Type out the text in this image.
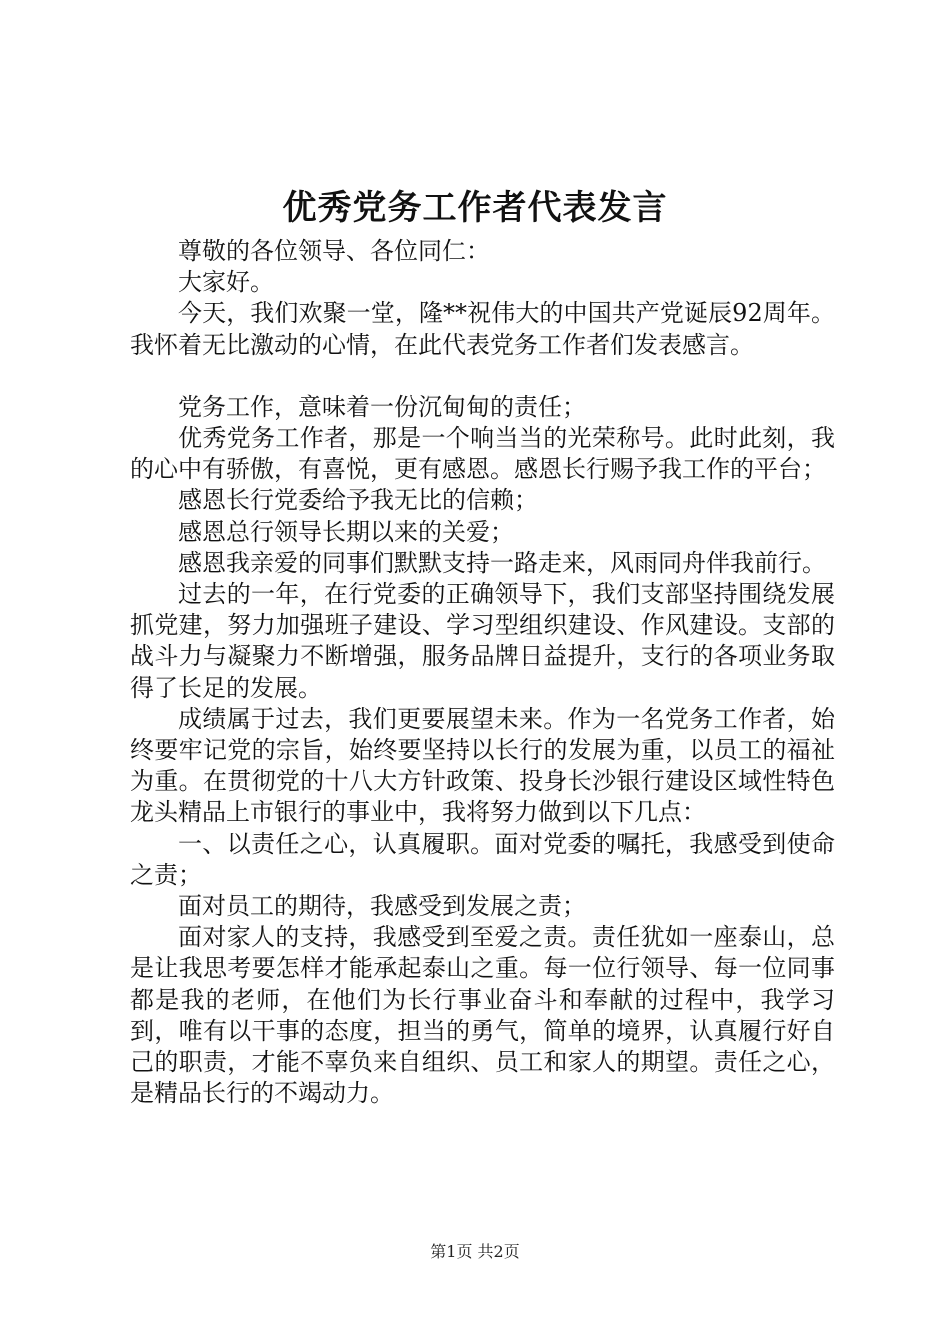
优秀党务工作者代表发言

尊敬的各位领导、各位同仁：

大家好。

今天，我们欢聚一堂，隆**祝伟大的中国共产党诞辰92周年。我怀着无比激动的心情，在此代表党务工作者们发表感言。

党务工作，意味着一份沉甸甸的责任；

优秀党务工作者，那是一个响当当的光荣称号。此时此刻，我的心中有骄傲，有喜悦，更有感恩。感恩长行赐予我工作的平台；

感恩长行党委给予我无比的信赖；

感恩总行领导长期以来的关爱；

感恩我亲爱的同事们默默支持一路走来，风雨同舟伴我前行。

过去的一年，在行党委的正确领导下，我们支部坚持围绕发展抓党建，努力加强班子建设、学习型组织建设、作风建设。支部的战斗力与凝聚力不断增强，服务品牌日益提升，支行的各项业务取得了长足的发展。

成绩属于过去，我们更要展望未来。作为一名党务工作者，始终要牢记党的宗旨，始终要坚持以长行的发展为重，以员工的福祉为重。在贯彻党的十八大方针政策、投身长沙银行建设区域性特色龙头精品上市银行的事业中，我将努力做到以下几点：

一、以责任之心，认真履职。面对党委的嘱托，我感受到使命之责；

面对员工的期待，我感受到发展之责；

面对家人的支持，我感受到至爱之责。责任犹如一座泰山，总是让我思考要怎样才能承起泰山之重。每一位行领导、每一位同事都是我的老师，在他们为长行事业奋斗和奉献的过程中，我学习到，唯有以干事的态度，担当的勇气，简单的境界，认真履行好自己的职责，才能不辜负来自组织、员工和家人的期望。责任之心，是精品长行的不竭动力。

第1页 共2页
